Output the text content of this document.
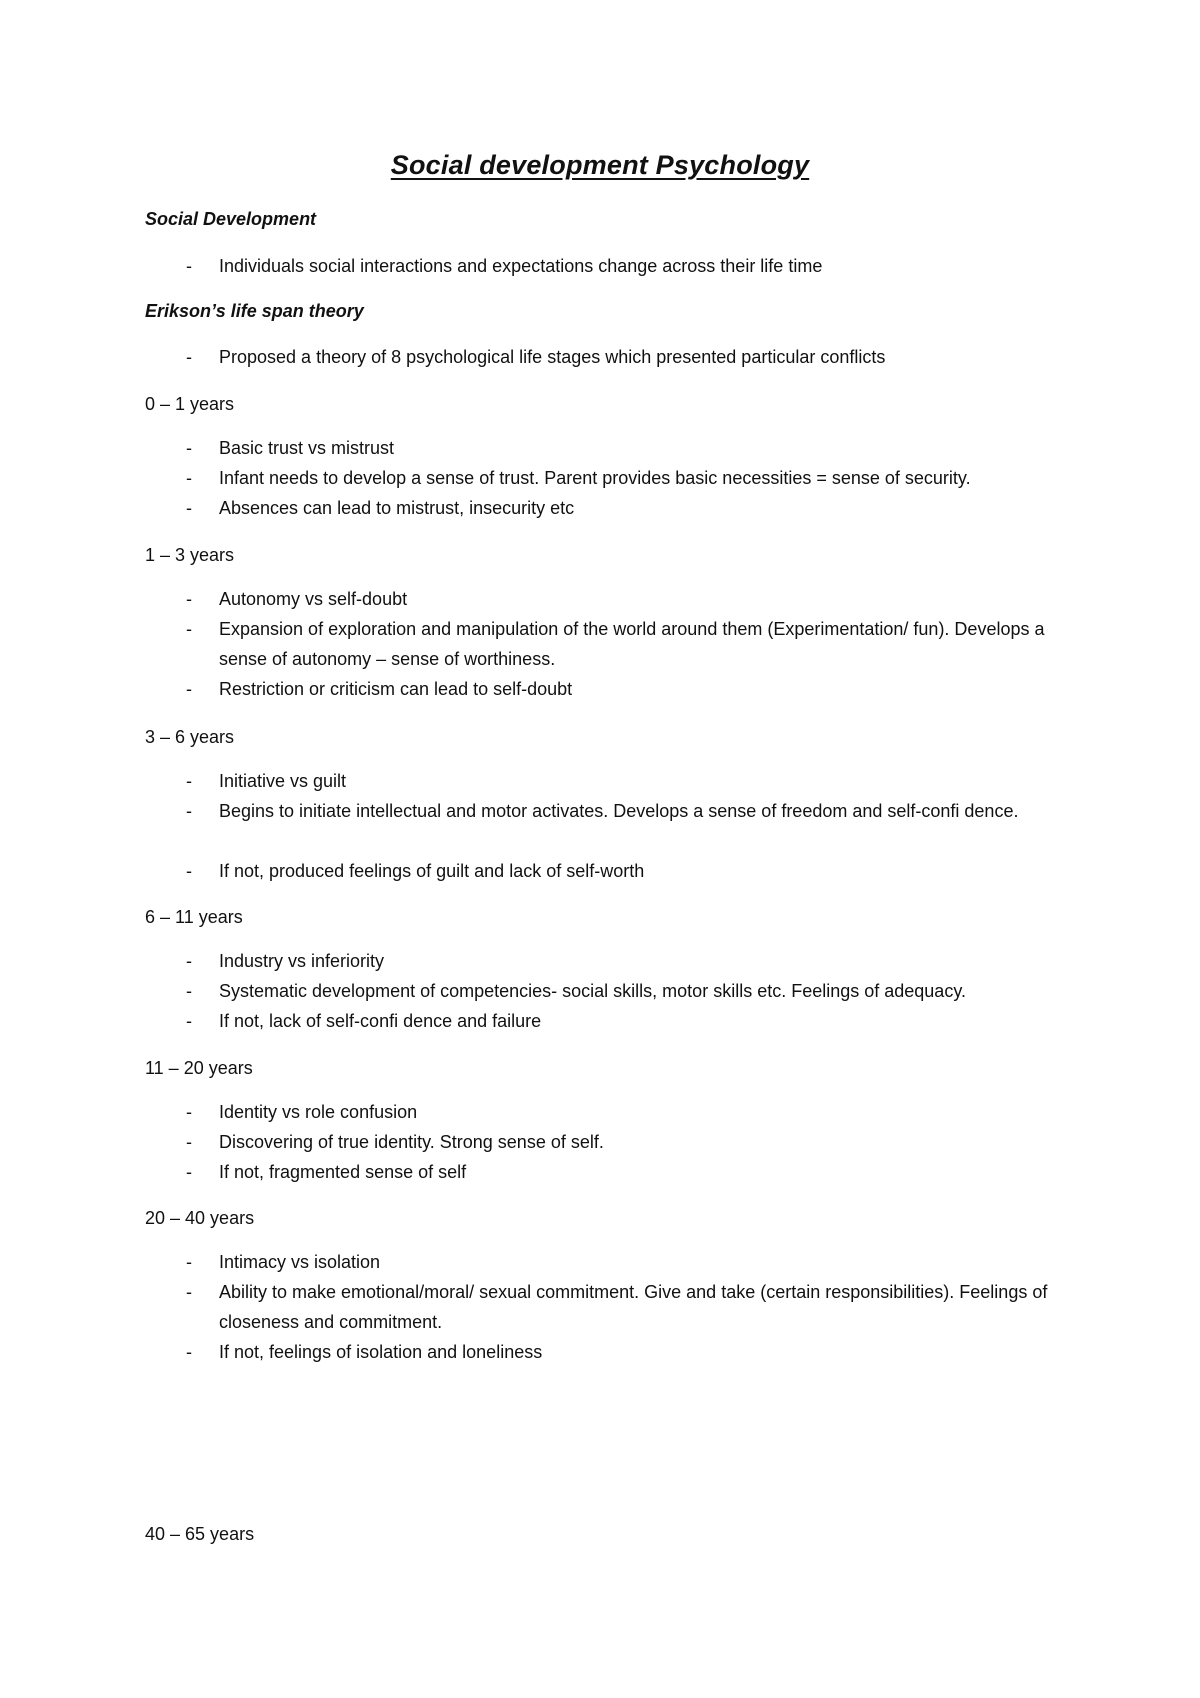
Social development Psychology
Social Development
- Individuals social interactions and expectations change across their life time
Erikson’s life span theory
- Proposed a theory of 8 psychological life stages which presented particular conflicts
0 – 1 years
- Basic trust vs mistrust
- Infant needs to develop a sense of trust. Parent provides basic necessities = sense of security.
- Absences can lead to mistrust, insecurity etc
1 – 3 years
- Autonomy vs self-doubt
- Expansion of exploration and manipulation of the world around them (Experimentation/ fun). Develops a sense of autonomy – sense of worthiness.
- Restriction or criticism can lead to self-doubt
3 – 6 years
- Initiative vs guilt
- Begins to initiate intellectual and motor activates. Develops a sense of freedom and self-confi dence.
- If not, produced feelings of guilt and lack of self-worth
6 – 11 years
- Industry vs inferiority
- Systematic development of competencies- social skills, motor skills etc. Feelings of adequacy.
- If not, lack of self-confi dence and failure
11 – 20 years
- Identity vs role confusion
- Discovering of true identity. Strong sense of self.
- If not, fragmented sense of self
20 – 40 years
- Intimacy vs isolation
- Ability to make emotional/moral/ sexual commitment. Give and take (certain responsibilities). Feelings of closeness and commitment.
- If not, feelings of isolation and loneliness
40 – 65 years
